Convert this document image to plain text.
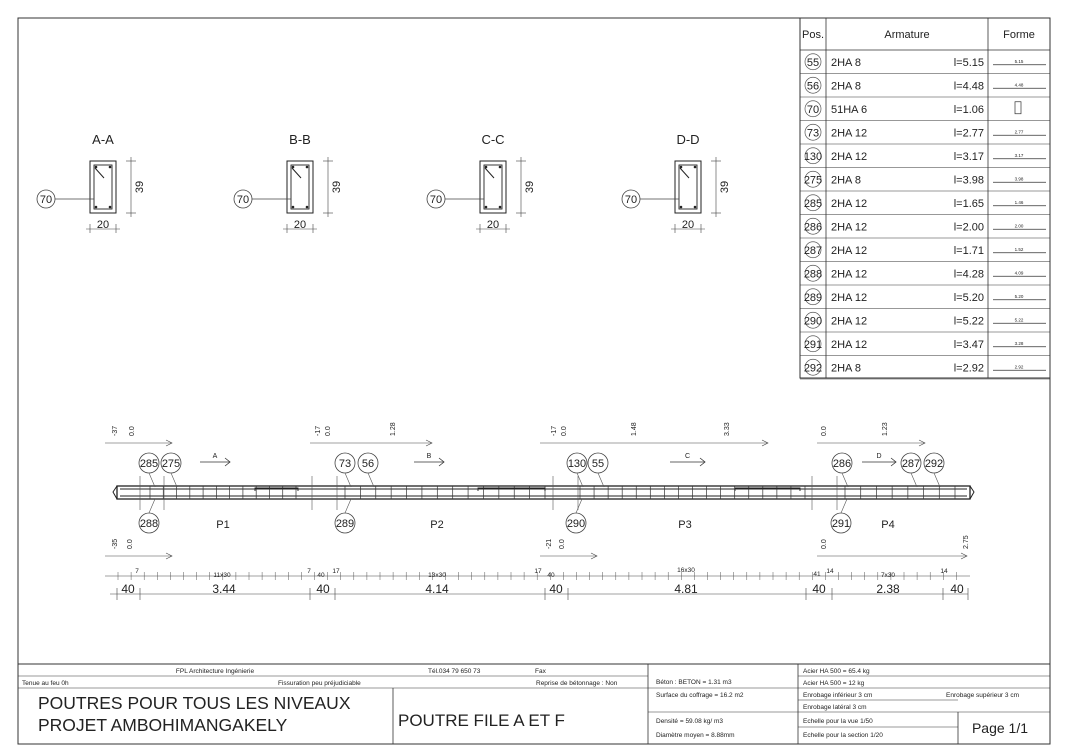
A-A
70
39
20
B-B
70
39
20
C-C
70
39
20
D-D
70
39
20
Pos.	Armature	Forme
55 2HA 8	l=5.15	5.15
56 2HA 8	l=4.48	4.48
70 51HA 6	l=1.06
73 2HA 12	l=2.77	2.77
130 2HA 12	l=3.17	3.17
275 2HA 8	l=3.98	3.98
285 2HA 12	l=1.65	1.46
286 2HA 12	l=2.00	2.00
287 2HA 12	l=1.71	1.52
288 2HA 12	l=4.28	4.09
289 2HA 12	l=5.20	5.20
290 2HA 12	l=5.22	5.22
291 2HA 12	l=3.47	3.28
292 2HA 8	l=2.92	2.92
285 275	73 56	130 55	286	287 292
288	289	290	291
P1	P2	P3	P4
A	B	C	D
-37 0.0	-17 0.0	1.28	-17 0.0	1.48	3.33	0.0	1.23
-35 0.0	-21 0.0	0.0	2.75
7
11x30
7
40
17
13x30
17
40
16x30
41 14
7x30
14
40	3.44	40	4.14	40	4.81	40	2.38	40
FPL Architecture Ingénierie	Tél.034 79 650 73	Fax
Tenue au feu 0h	Fissuration peu préjudiciable	Reprise de bétonnage : Non
POUTRES POUR TOUS LES NIVEAUX
PROJET AMBOHIMANGAKELY	POUTRE FILE A ET F
Béton : BETON = 1.31 m3
Surface du coffrage = 16.2 m2
Densité = 59.08 kg/ m3
Diamètre moyen = 8.88mm
Acier HA 500 = 65.4 kg
Acier HA 500 = 12 kg
Enrobage inférieur 3 cm	Enrobage supérieur 3 cm
Enrobage latéral 3 cm
Echelle pour la vue 1/50
Echelle pour la section 1/20	Page 1/1
